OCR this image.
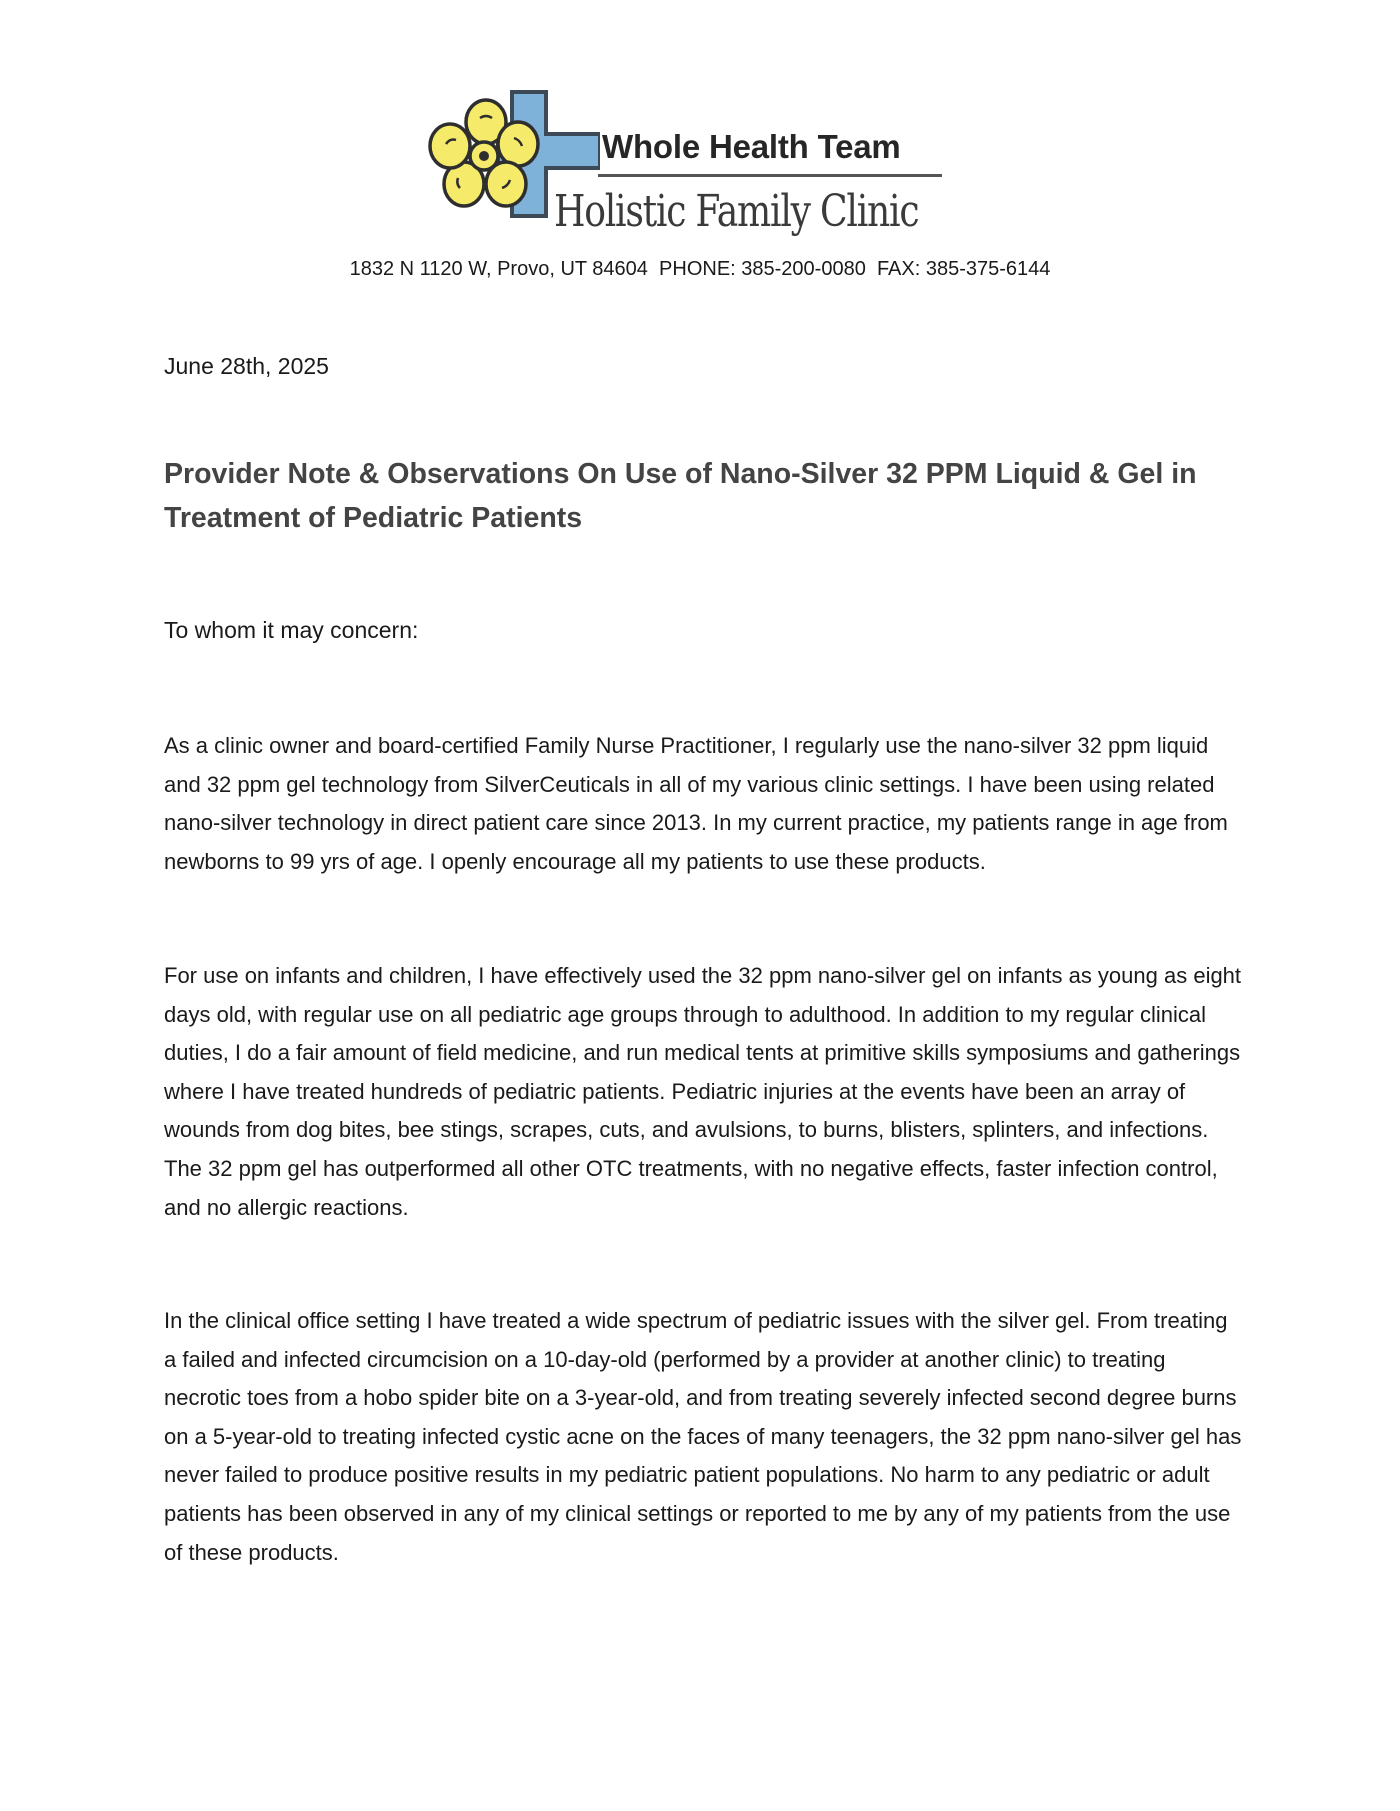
Whole Health Team
Holistic Family Clinic
1832 N 1120 W, Provo, UT 84604  PHONE: 385-200-0080  FAX: 385-375-6144
June 28th, 2025
Provider Note & Observations On Use of Nano-Silver 32 PPM Liquid & Gel in Treatment of Pediatric Patients

To whom it may concern:

As a clinic owner and board-certified Family Nurse Practitioner, I regularly use the nano-silver 32 ppm liquid and 32 ppm gel technology from SilverCeuticals in all of my various clinic settings. I have been using related nano-silver technology in direct patient care since 2013. In my current practice, my patients range in age from newborns to 99 yrs of age. I openly encourage all my patients to use these products.

For use on infants and children, I have effectively used the 32 ppm nano-silver gel on infants as young as eight days old, with regular use on all pediatric age groups through to adulthood. In addition to my regular clinical duties, I do a fair amount of field medicine, and run medical tents at primitive skills symposiums and gatherings where I have treated hundreds of pediatric patients. Pediatric injuries at the events have been an array of wounds from dog bites, bee stings, scrapes, cuts, and avulsions, to burns, blisters, splinters, and infections. The 32 ppm gel has outperformed all other OTC treatments, with no negative effects, faster infection control, and no allergic reactions.

In the clinical office setting I have treated a wide spectrum of pediatric issues with the silver gel. From treating a failed and infected circumcision on a 10-day-old (performed by a provider at another clinic) to treating necrotic toes from a hobo spider bite on a 3-year-old, and from treating severely infected second degree burns on a 5-year-old to treating infected cystic acne on the faces of many teenagers, the 32 ppm nano-silver gel has never failed to produce positive results in my pediatric patient populations. No harm to any pediatric or adult patients has been observed in any of my clinical settings or reported to me by any of my patients from the use of these products.
